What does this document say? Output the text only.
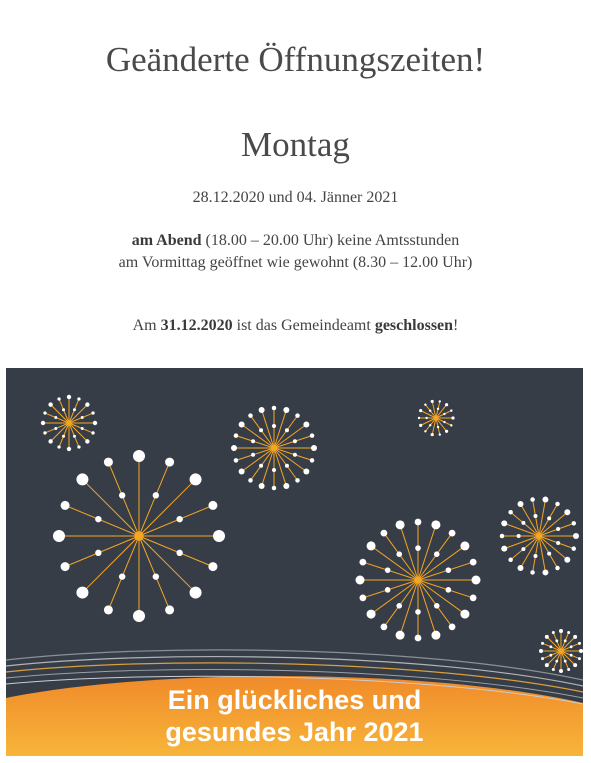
Geänderte Öffnungszeiten!
Montag
28.12.2020 und 04. Jänner 2021
am Abend (18.00 – 20.00 Uhr) keine Amtsstunden
am Vormittag geöffnet wie gewohnt (8.30 – 12.00 Uhr)
Am 31.12.2020 ist das Gemeindeamt geschlossen!
Ein glückliches und
gesundes Jahr 2021
